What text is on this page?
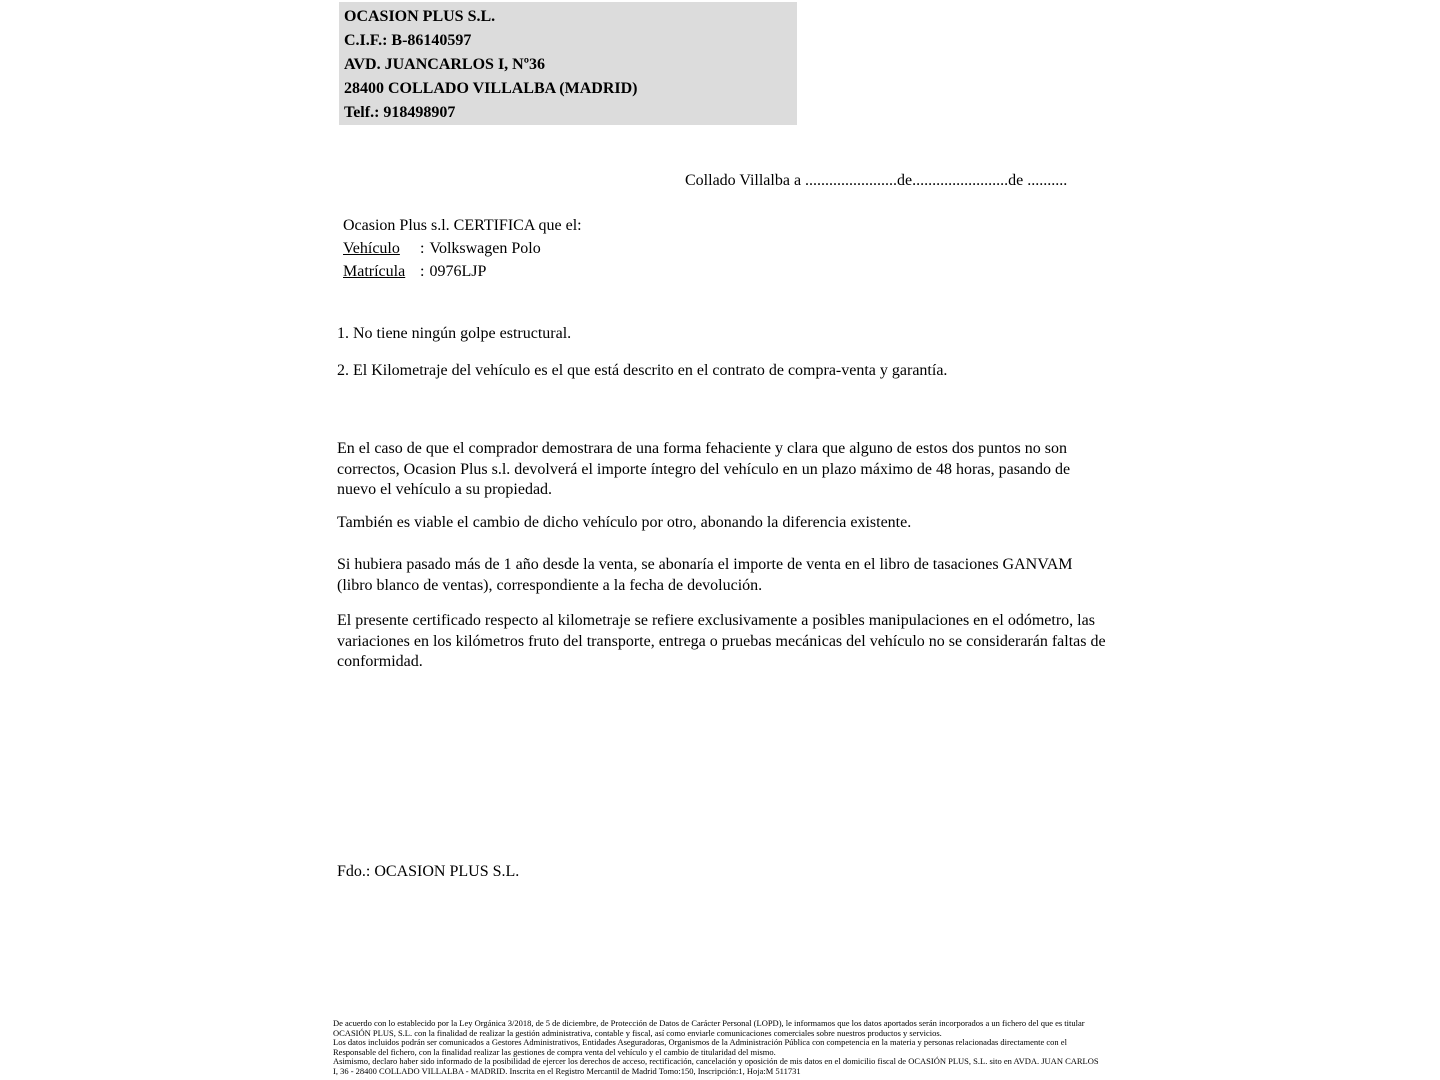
OCASION PLUS S.L.
C.I.F.: B-86140597
AVD. JUANCARLOS I, Nº36
28400 COLLADO VILLALBA (MADRID)
Telf.: 918498907
Collado Villalba a .......................de........................de ..........
Ocasion Plus s.l. CERTIFICA que el:
Vehículo : Volkswagen Polo
Matrícula : 0976LJP
1. No tiene ningún golpe estructural.
2. El Kilometraje del vehículo es el que está descrito en el contrato de compra-venta y garantía.
En el caso de que el comprador demostrara de una forma fehaciente y clara que alguno de estos dos puntos no son correctos, Ocasion Plus s.l. devolverá el importe íntegro del vehículo en un plazo máximo de 48 horas, pasando de nuevo el vehículo a su propiedad.
También es viable el cambio de dicho vehículo por otro, abonando la diferencia existente.
Si hubiera pasado más de 1 año desde la venta, se abonaría el importe de venta en el libro de tasaciones GANVAM (libro blanco de ventas), correspondiente a la fecha de devolución.
El presente certificado respecto al kilometraje se refiere exclusivamente a posibles manipulaciones en el odómetro, las variaciones en los kilómetros fruto del transporte, entrega o pruebas mecánicas del vehículo no se considerarán faltas de conformidad.
Fdo.: OCASION PLUS S.L.

De acuerdo con lo establecido por la Ley Orgánica 3/2018, de 5 de diciembre, de Protección de Datos de Carácter Personal (LOPD), le informamos que los datos aportados serán incorporados a un fichero del que es titular OCASIÓN PLUS, S.L. con la finalidad de realizar la gestión administrativa, contable y fiscal, así como enviarle comunicaciones comerciales sobre nuestros productos y servicios.

Los datos incluidos podrán ser comunicados a Gestores Administrativos, Entidades Aseguradoras, Organismos de la Administración Pública con competencia en la materia y personas relacionadas directamente con el Responsable del fichero, con la finalidad realizar las gestiones de compra venta del vehículo y el cambio de titularidad del mismo.

Asimismo, declaro haber sido informado de la posibilidad de ejercer los derechos de acceso, rectificación, cancelación y oposición de mis datos en el domicilio fiscal de OCASIÓN PLUS, S.L. sito en AVDA. JUAN CARLOS I, 36 - 28400 COLLADO VILLALBA - MADRID. Inscrita en el Registro Mercantil de Madrid Tomo:150, Inscripción:1, Hoja:M 511731
